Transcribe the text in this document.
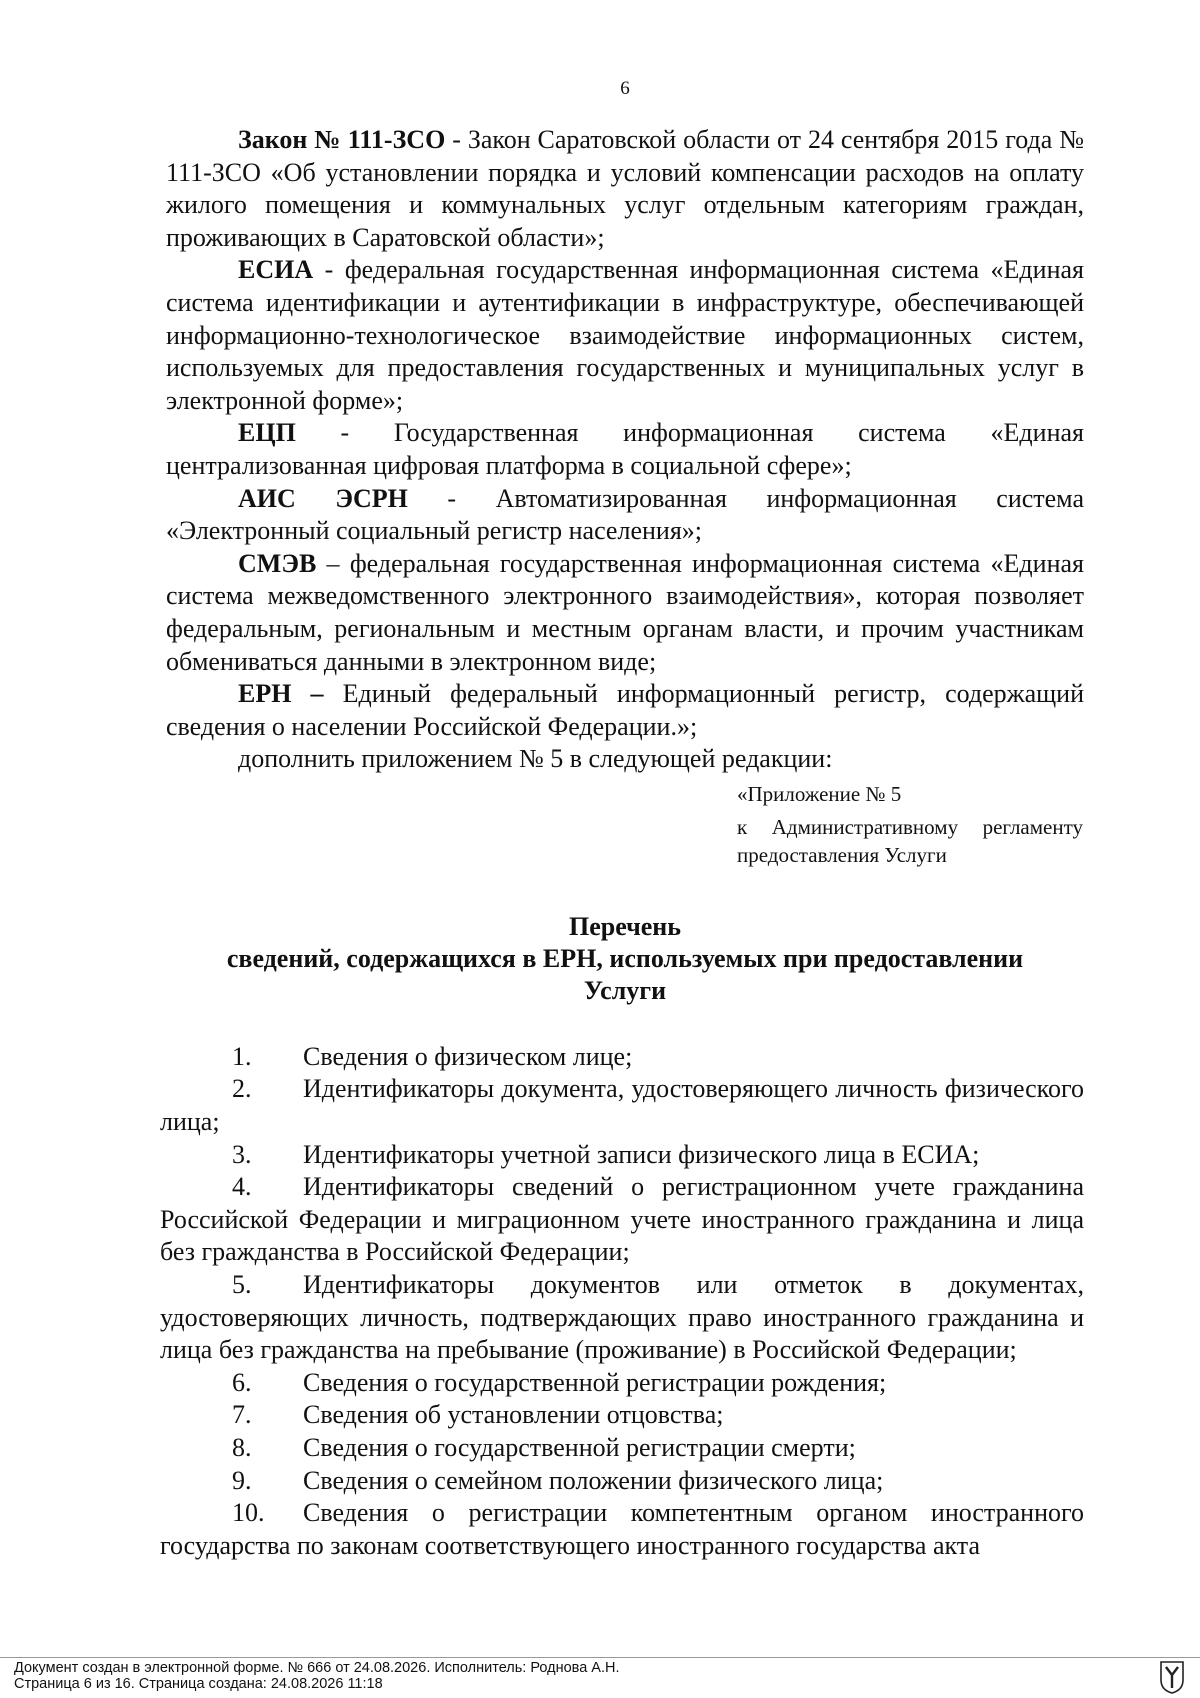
6

Закон № 111-ЗСО - Закон Саратовской области от 24 сентября 2015 года № 111-ЗСО «Об установлении порядка и условий компенсации расходов на оплату жилого помещения и коммунальных услуг отдельным категориям граждан, проживающих в Саратовской области»;

ЕСИА - федеральная государственная информационная система «Единая система идентификации и аутентификации в инфраструктуре, обеспечивающей информационно-технологическое взаимодействие информационных систем, используемых для предоставления государственных и муниципальных услуг в электронной форме»;

ЕЦП - Государственная информационная система «Единая централизованная цифровая платформа в социальной сфере»;

АИС ЭСРН - Автоматизированная информационная система «Электронный социальный регистр населения»;

СМЭВ – федеральная государственная информационная система «Единая система межведомственного электронного взаимодействия», которая позволяет федеральным, региональным и местным органам власти, и прочим участникам обмениваться данными в электронном виде;

ЕРН – Единый федеральный информационный регистр, содержащий сведения о населении Российской Федерации.»;

дополнить приложением № 5 в следующей редакции:

«Приложение № 5
к Административному регламенту предоставления Услуги
Перечень
сведений, содержащихся в ЕРН, используемых при предоставлении
Услуги

1. Сведения о физическом лице;

2. Идентификаторы документа, удостоверяющего личность физического лица;

3. Идентификаторы учетной записи физического лица в ЕСИА;

4. Идентификаторы сведений о регистрационном учете гражданина Российской Федерации и миграционном учете иностранного гражданина и лица без гражданства в Российской Федерации;

5. Идентификаторы документов или отметок в документах, удостоверяющих личность, подтверждающих право иностранного гражданина и лица без гражданства на пребывание (проживание) в Российской Федерации;

6. Сведения о государственной регистрации рождения;

7. Сведения об установлении отцовства;

8. Сведения о государственной регистрации смерти;

9. Сведения о семейном положении физического лица;

10. Сведения о регистрации компетентным органом иностранного государства по законам соответствующего иностранного государства акта

Документ создан в электронной форме. № 666 от 24.08.2026. Исполнитель: Роднова А.Н.
Страница 6 из 16. Страница создана: 24.08.2026 11:18
